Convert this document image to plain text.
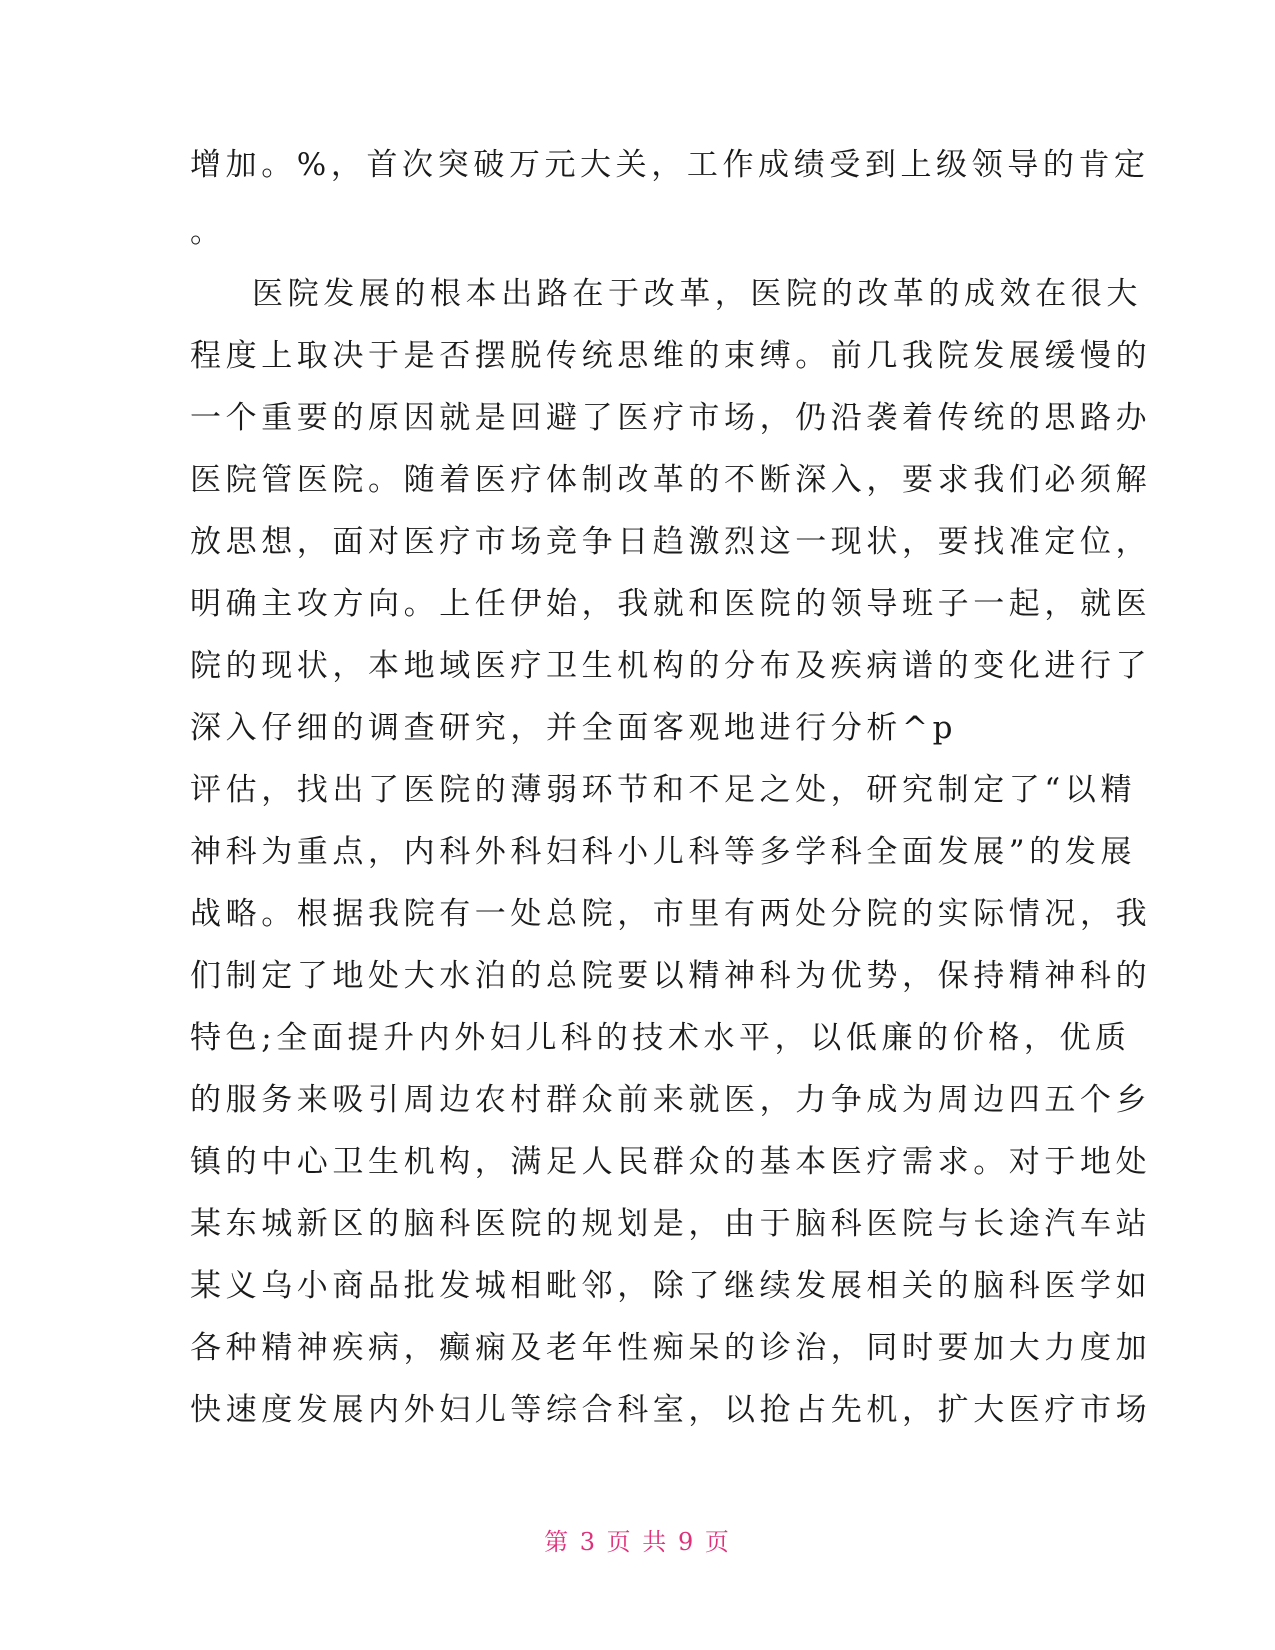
增加。%，首次突破万元大关，工作成绩受到上级领导的肯定
。
医院发展的根本出路在于改革，医院的改革的成效在很大
程度上取决于是否摆脱传统思维的束缚。前几我院发展缓慢的
一个重要的原因就是回避了医疗市场，仍沿袭着传统的思路办
医院管医院。随着医疗体制改革的不断深入，要求我们必须解
放思想，面对医疗市场竞争日趋激烈这一现状，要找准定位，
明确主攻方向。上任伊始，我就和医院的领导班子一起，就医
院的现状，本地域医疗卫生机构的分布及疾病谱的变化进行了
深入仔细的调查研究，并全面客观地进行分析^p
评估，找出了医院的薄弱环节和不足之处，研究制定了“以精
神科为重点，内科外科妇科小儿科等多学科全面发展”的发展
战略。根据我院有一处总院，市里有两处分院的实际情况，我
们制定了地处大水泊的总院要以精神科为优势，保持精神科的
特色;全面提升内外妇儿科的技术水平，以低廉的价格，优质
的服务来吸引周边农村群众前来就医，力争成为周边四五个乡
镇的中心卫生机构，满足人民群众的基本医疗需求。对于地处
某东城新区的脑科医院的规划是，由于脑科医院与长途汽车站
某义乌小商品批发城相毗邻，除了继续发展相关的脑科医学如
各种精神疾病，癫痫及老年性痴呆的诊治，同时要加大力度加
快速度发展内外妇儿等综合科室，以抢占先机，扩大医疗市场
第 3 页 共 9 页
